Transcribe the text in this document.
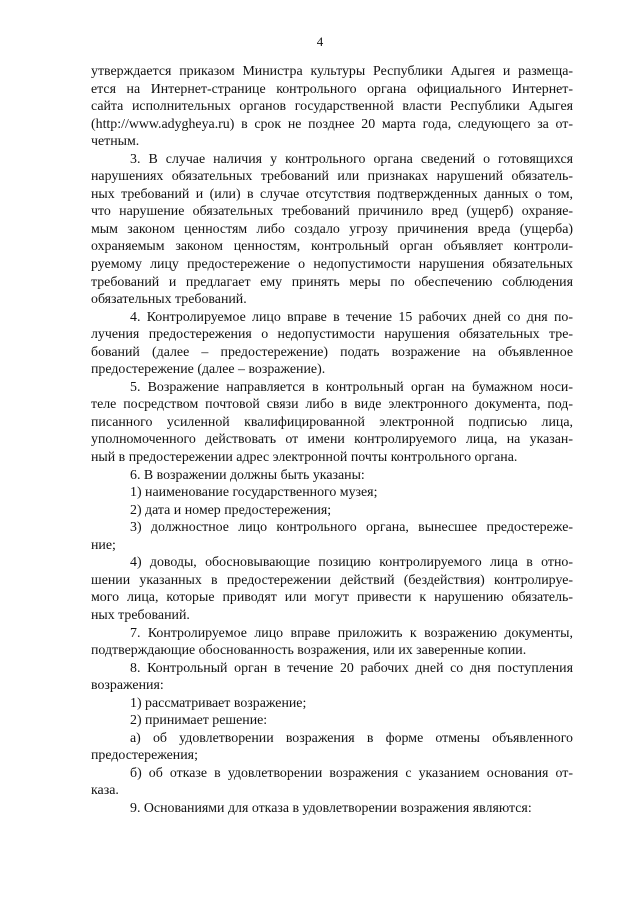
4
утверждается приказом Министра культуры Республики Адыгея и размеща-
ется на Интернет-странице контрольного органа официального Интернет-
сайта исполнительных органов государственной власти Республики Адыгея
(http://www.adygheya.ru) в срок не позднее 20 марта года, следующего за от-
четным.
3. В случае наличия у контрольного органа сведений о готовящихся
нарушениях обязательных требований или признаках нарушений обязатель-
ных требований и (или) в случае отсутствия подтвержденных данных о том,
что нарушение обязательных требований причинило вред (ущерб) охраняе-
мым законом ценностям либо создало угрозу причинения вреда (ущерба)
охраняемым законом ценностям, контрольный орган объявляет контроли-
руемому лицу предостережение о недопустимости нарушения обязательных
требований и предлагает ему принять меры по обеспечению соблюдения
обязательных требований.
4. Контролируемое лицо вправе в течение 15 рабочих дней со дня по-
лучения предостережения о недопустимости нарушения обязательных тре-
бований (далее – предостережение) подать возражение на объявленное
предостережение (далее – возражение).
5. Возражение направляется в контрольный орган на бумажном носи-
теле посредством почтовой связи либо в виде электронного документа, под-
писанного усиленной квалифицированной электронной подписью лица,
уполномоченного действовать от имени контролируемого лица, на указан-
ный в предостережении адрес электронной почты контрольного органа.
6. В возражении должны быть указаны:
1) наименование государственного музея;
2) дата и номер предостережения;
3) должностное лицо контрольного органа, вынесшее предостереже-
ние;
4) доводы, обосновывающие позицию контролируемого лица в отно-
шении указанных в предостережении действий (бездействия) контролируе-
мого лица, которые приводят или могут привести к нарушению обязатель-
ных требований.
7. Контролируемое лицо вправе приложить к возражению документы,
подтверждающие обоснованность возражения, или их заверенные копии.
8. Контрольный орган в течение 20 рабочих дней со дня поступления
возражения:
1) рассматривает возражение;
2) принимает решение:
а) об удовлетворении возражения в форме отмены объявленного
предостережения;
б) об отказе в удовлетворении возражения с указанием основания от-
каза.
9. Основаниями для отказа в удовлетворении возражения являются:
